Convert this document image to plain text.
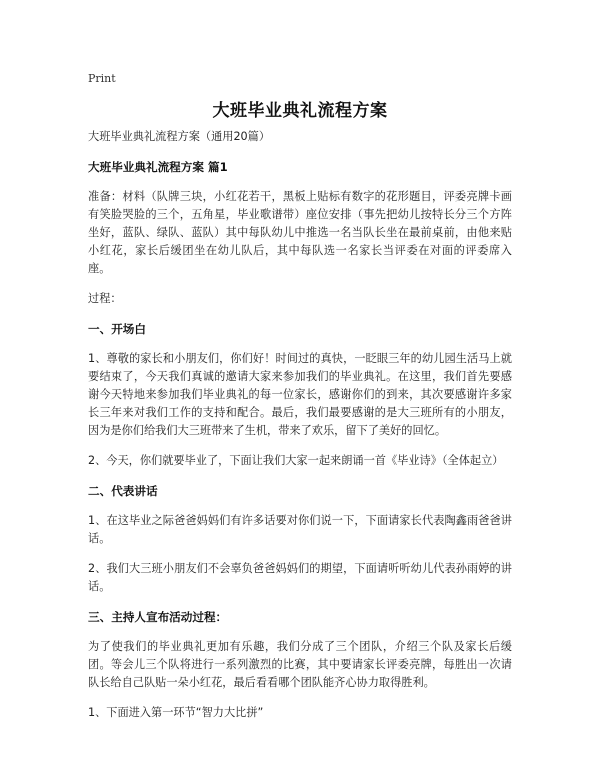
Print
大班毕业典礼流程方案
大班毕业典礼流程方案（通用20篇）
大班毕业典礼流程方案 篇1
准备：材料（队牌三块，小红花若干，黑板上贴标有数字的花形题目，评委亮牌卡画有笑脸哭脸的三个，五角星，毕业歌谱带）座位安排（事先把幼儿按特长分三个方阵坐好，蓝队、绿队、蓝队）其中每队幼儿中推选一名当队长坐在最前桌前，由他来贴小红花，家长后缓团坐在幼儿队后，其中每队选一名家长当评委在对面的评委席入座。
过程：
一、开场白
1、尊敬的家长和小朋友们，你们好！时间过的真快，一眨眼三年的幼儿园生活马上就要结束了，今天我们真诚的邀请大家来参加我们的毕业典礼。在这里，我们首先要感谢今天特地来参加我们毕业典礼的每一位家长，感谢你们的到来，其次要感谢许多家长三年来对我们工作的支持和配合。最后，我们最要感谢的是大三班所有的小朋友，因为是你们给我们大三班带来了生机，带来了欢乐，留下了美好的回忆。
2、今天，你们就要毕业了，下面让我们大家一起来朗诵一首《毕业诗》（全体起立）
二、代表讲话
1、在这毕业之际爸爸妈妈们有许多话要对你们说一下，下面请家长代表陶鑫雨爸爸讲话。
2、我们大三班小朋友们不会辜负爸爸妈妈们的期望，下面请听听幼儿代表孙雨婷的讲话。
三、主持人宣布活动过程：
为了使我们的毕业典礼更加有乐趣，我们分成了三个团队，介绍三个队及家长后缓团。等会儿三个队将进行一系列激烈的比赛，其中要请家长评委亮牌，每胜出一次请队长给自己队贴一朵小红花，最后看看哪个团队能齐心协力取得胜利。
1、下面进入第一环节“智力大比拼”
